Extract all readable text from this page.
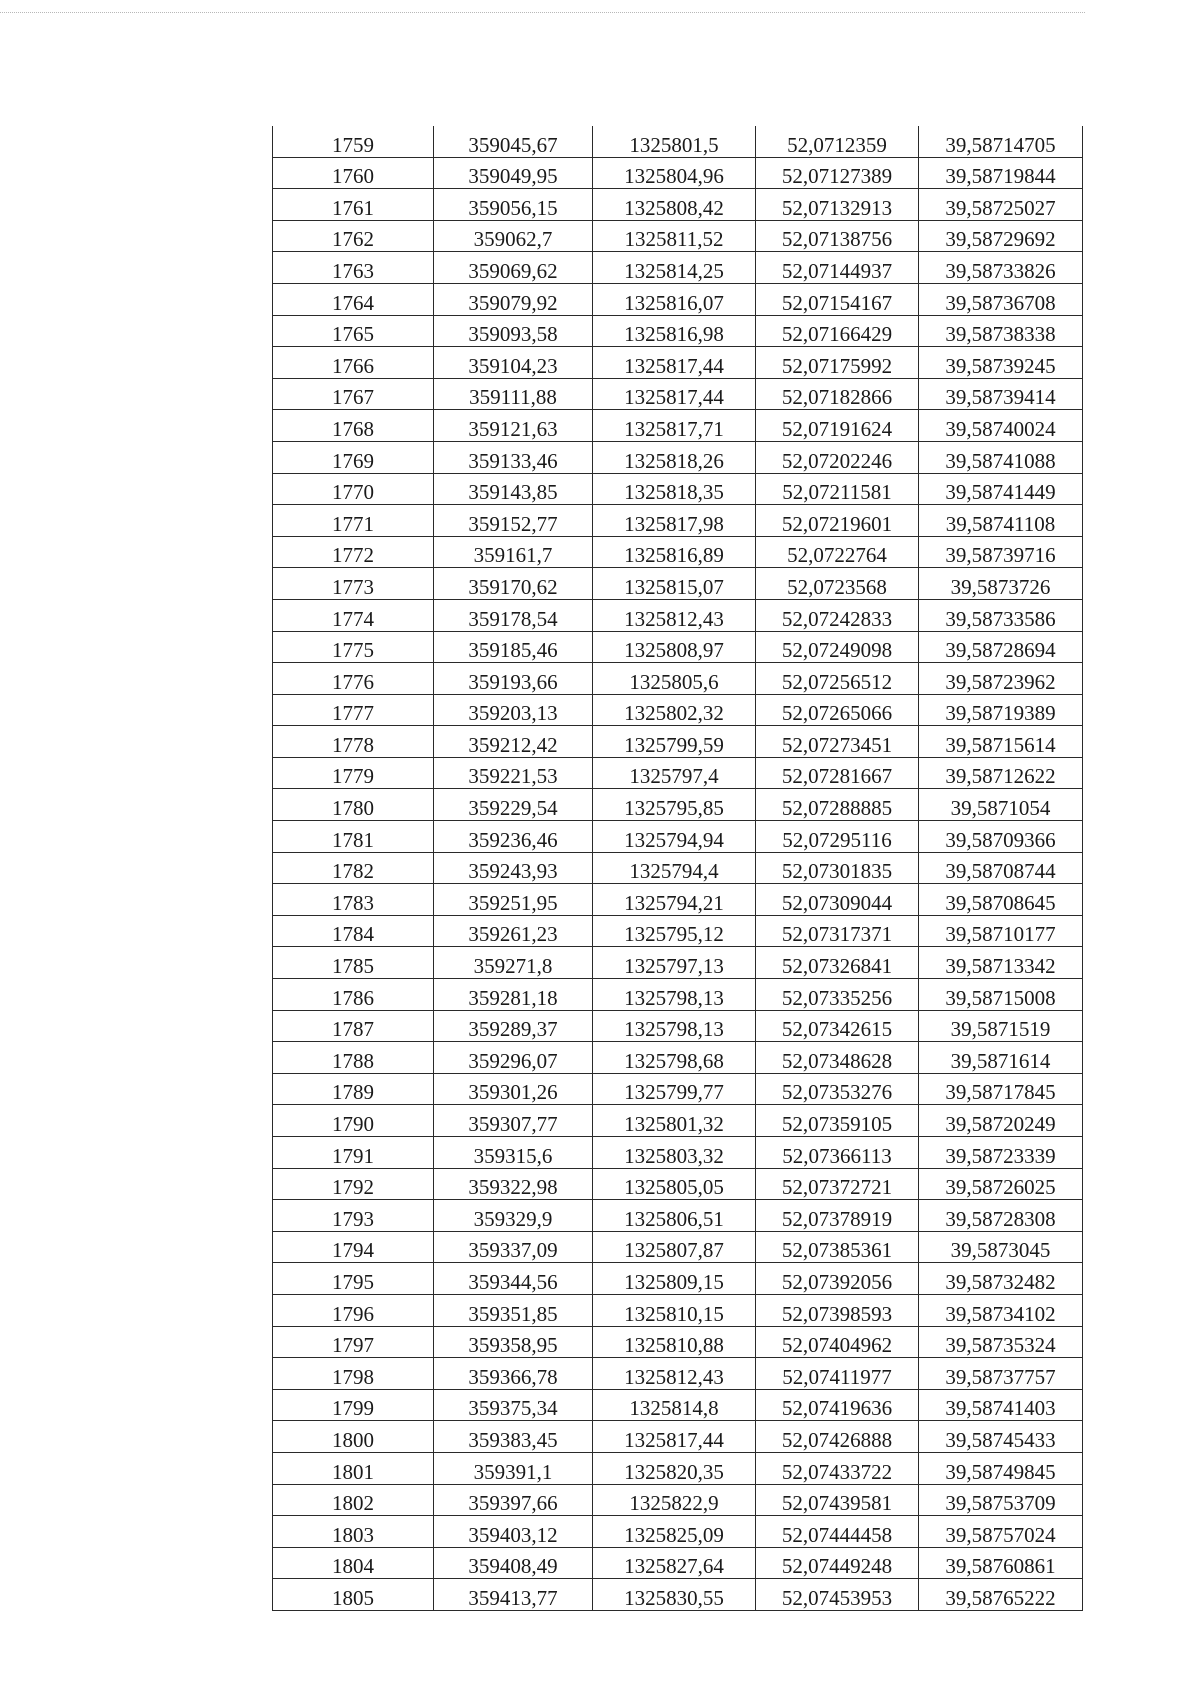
1759	359045,67	1325801,5	52,0712359	39,58714705
1760	359049,95	1325804,96	52,07127389	39,58719844
1761	359056,15	1325808,42	52,07132913	39,58725027
1762	359062,7	1325811,52	52,07138756	39,58729692
1763	359069,62	1325814,25	52,07144937	39,58733826
1764	359079,92	1325816,07	52,07154167	39,58736708
1765	359093,58	1325816,98	52,07166429	39,58738338
1766	359104,23	1325817,44	52,07175992	39,58739245
1767	359111,88	1325817,44	52,07182866	39,58739414
1768	359121,63	1325817,71	52,07191624	39,58740024
1769	359133,46	1325818,26	52,07202246	39,58741088
1770	359143,85	1325818,35	52,07211581	39,58741449
1771	359152,77	1325817,98	52,07219601	39,58741108
1772	359161,7	1325816,89	52,0722764	39,58739716
1773	359170,62	1325815,07	52,0723568	39,5873726
1774	359178,54	1325812,43	52,07242833	39,58733586
1775	359185,46	1325808,97	52,07249098	39,58728694
1776	359193,66	1325805,6	52,07256512	39,58723962
1777	359203,13	1325802,32	52,07265066	39,58719389
1778	359212,42	1325799,59	52,07273451	39,58715614
1779	359221,53	1325797,4	52,07281667	39,58712622
1780	359229,54	1325795,85	52,07288885	39,5871054
1781	359236,46	1325794,94	52,07295116	39,58709366
1782	359243,93	1325794,4	52,07301835	39,58708744
1783	359251,95	1325794,21	52,07309044	39,58708645
1784	359261,23	1325795,12	52,07317371	39,58710177
1785	359271,8	1325797,13	52,07326841	39,58713342
1786	359281,18	1325798,13	52,07335256	39,58715008
1787	359289,37	1325798,13	52,07342615	39,5871519
1788	359296,07	1325798,68	52,07348628	39,5871614
1789	359301,26	1325799,77	52,07353276	39,58717845
1790	359307,77	1325801,32	52,07359105	39,58720249
1791	359315,6	1325803,32	52,07366113	39,58723339
1792	359322,98	1325805,05	52,07372721	39,58726025
1793	359329,9	1325806,51	52,07378919	39,58728308
1794	359337,09	1325807,87	52,07385361	39,5873045
1795	359344,56	1325809,15	52,07392056	39,58732482
1796	359351,85	1325810,15	52,07398593	39,58734102
1797	359358,95	1325810,88	52,07404962	39,58735324
1798	359366,78	1325812,43	52,07411977	39,58737757
1799	359375,34	1325814,8	52,07419636	39,58741403
1800	359383,45	1325817,44	52,07426888	39,58745433
1801	359391,1	1325820,35	52,07433722	39,58749845
1802	359397,66	1325822,9	52,07439581	39,58753709
1803	359403,12	1325825,09	52,07444458	39,58757024
1804	359408,49	1325827,64	52,07449248	39,58760861
1805	359413,77	1325830,55	52,07453953	39,58765222
